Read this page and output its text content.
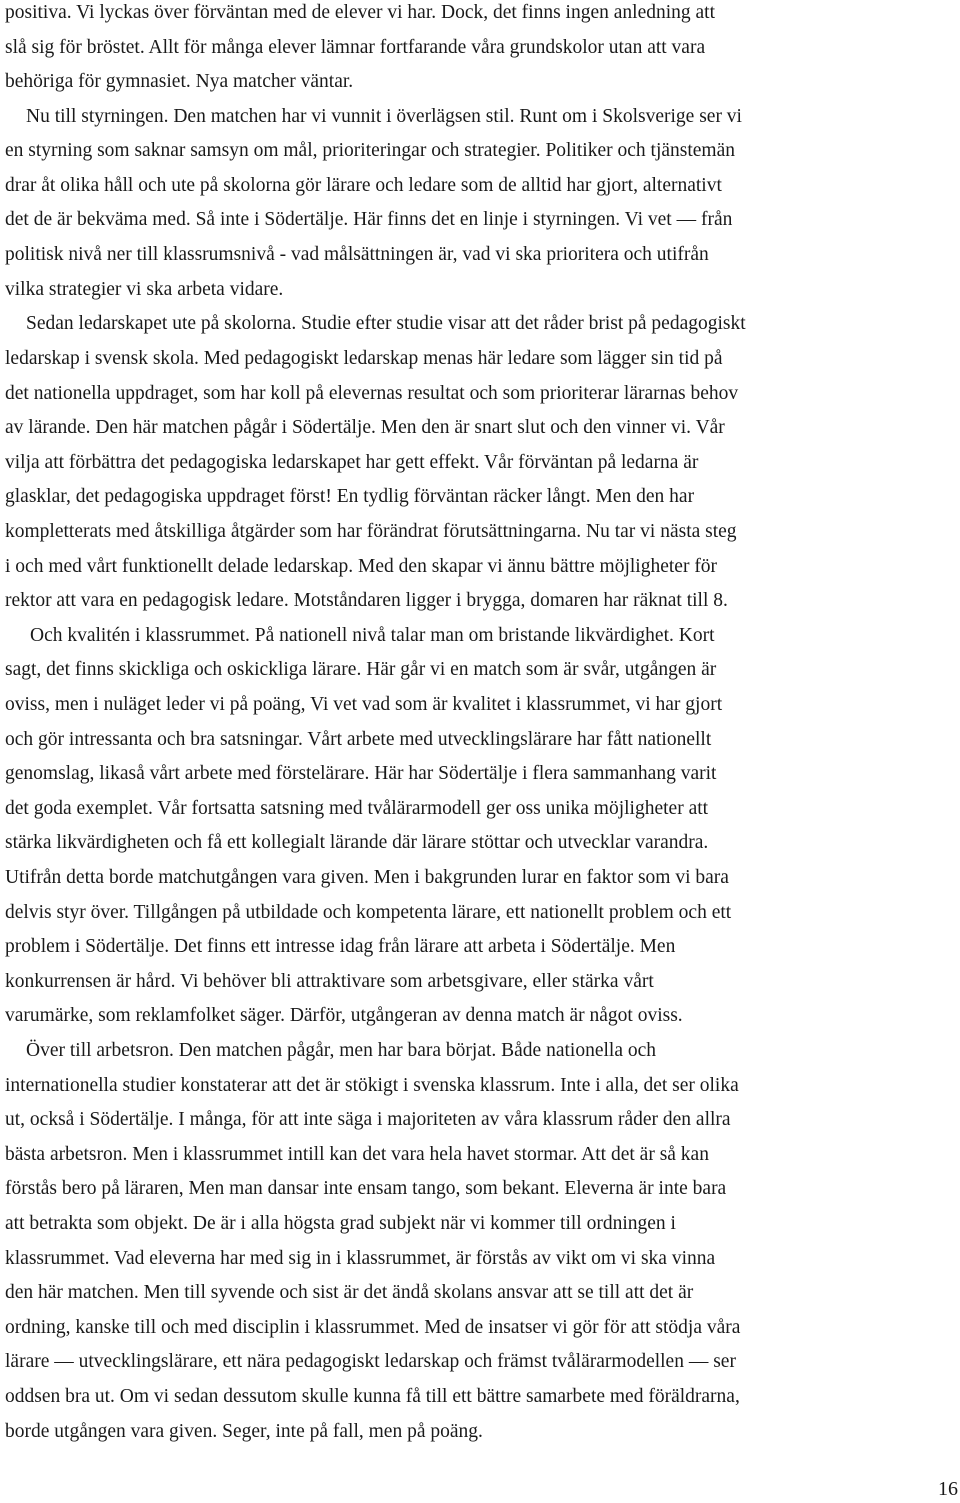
positiva. Vi lyckas över förväntan med de elever vi har. Dock, det finns ingen anledning att
slå sig för bröstet. Allt för många elever lämnar fortfarande våra grundskolor utan att vara
behöriga för gymnasiet. Nya matcher väntar.
Nu till styrningen. Den matchen har vi vunnit i överlägsen stil. Runt om i Skolsverige ser vi
en styrning som saknar samsyn om mål, prioriteringar och strategier. Politiker och tjänstemän
drar åt olika håll och ute på skolorna gör lärare och ledare som de alltid har gjort, alternativt
det de är bekväma med. Så inte i Södertälje. Här finns det en linje i styrningen. Vi vet — från
politisk nivå ner till klassrumsnivå - vad målsättningen är, vad vi ska prioritera och utifrån
vilka strategier vi ska arbeta vidare.
Sedan ledarskapet ute på skolorna. Studie efter studie visar att det råder brist på pedagogiskt
ledarskap i svensk skola. Med pedagogiskt ledarskap menas här ledare som lägger sin tid på
det nationella uppdraget, som har koll på elevernas resultat och som prioriterar lärarnas behov
av lärande. Den här matchen pågår i Södertälje. Men den är snart slut och den vinner vi. Vår
vilja att förbättra det pedagogiska ledarskapet har gett effekt. Vår förväntan på ledarna är
glasklar, det pedagogiska uppdraget först! En tydlig förväntan räcker långt. Men den har
kompletterats med åtskilliga åtgärder som har förändrat förutsättningarna. Nu tar vi nästa steg
i och med vårt funktionellt delade ledarskap. Med den skapar vi ännu bättre möjligheter för
rektor att vara en pedagogisk ledare. Motståndaren ligger i brygga, domaren har räknat till 8.
Och kvalitén i klassrummet. På nationell nivå talar man om bristande likvärdighet. Kort
sagt, det finns skickliga och oskickliga lärare. Här går vi en match som är svår, utgången är
oviss, men i nuläget leder vi på poäng, Vi vet vad som är kvalitet i klassrummet, vi har gjort
och gör intressanta och bra satsningar. Vårt arbete med utvecklingslärare har fått nationellt
genomslag, likaså vårt arbete med förstelärare. Här har Södertälje i flera sammanhang varit
det goda exemplet. Vår fortsatta satsning med tvålärarmodell ger oss unika möjligheter att
stärka likvärdigheten och få ett kollegialt lärande där lärare stöttar och utvecklar varandra.
Utifrån detta borde matchutgången vara given. Men i bakgrunden lurar en faktor som vi bara
delvis styr över. Tillgången på utbildade och kompetenta lärare, ett nationellt problem och ett
problem i Södertälje. Det finns ett intresse idag från lärare att arbeta i Södertälje. Men
konkurrensen är hård. Vi behöver bli attraktivare som arbetsgivare, eller stärka vårt
varumärke, som reklamfolket säger. Därför, utgångeran av denna match är något oviss.
Över till arbetsron. Den matchen pågår, men har bara börjat. Både nationella och
internationella studier konstaterar att det är stökigt i svenska klassrum. Inte i alla, det ser olika
ut, också i Södertälje. I många, för att inte säga i majoriteten av våra klassrum råder den allra
bästa arbetsron. Men i klassrummet intill kan det vara hela havet stormar. Att det är så kan
förstås bero på läraren, Men man dansar inte ensam tango, som bekant. Eleverna är inte bara
att betrakta som objekt. De är i alla högsta grad subjekt när vi kommer till ordningen i
klassrummet. Vad eleverna har med sig in i klassrummet, är förstås av vikt om vi ska vinna
den här matchen. Men till syvende och sist är det ändå skolans ansvar att se till att det är
ordning, kanske till och med disciplin i klassrummet. Med de insatser vi gör för att stödja våra
lärare — utvecklingslärare, ett nära pedagogiskt ledarskap och främst tvålärarmodellen — ser
oddsen bra ut. Om vi sedan dessutom skulle kunna få till ett bättre samarbete med föräldrarna,
borde utgången vara given. Seger, inte på fall, men på poäng.
16
